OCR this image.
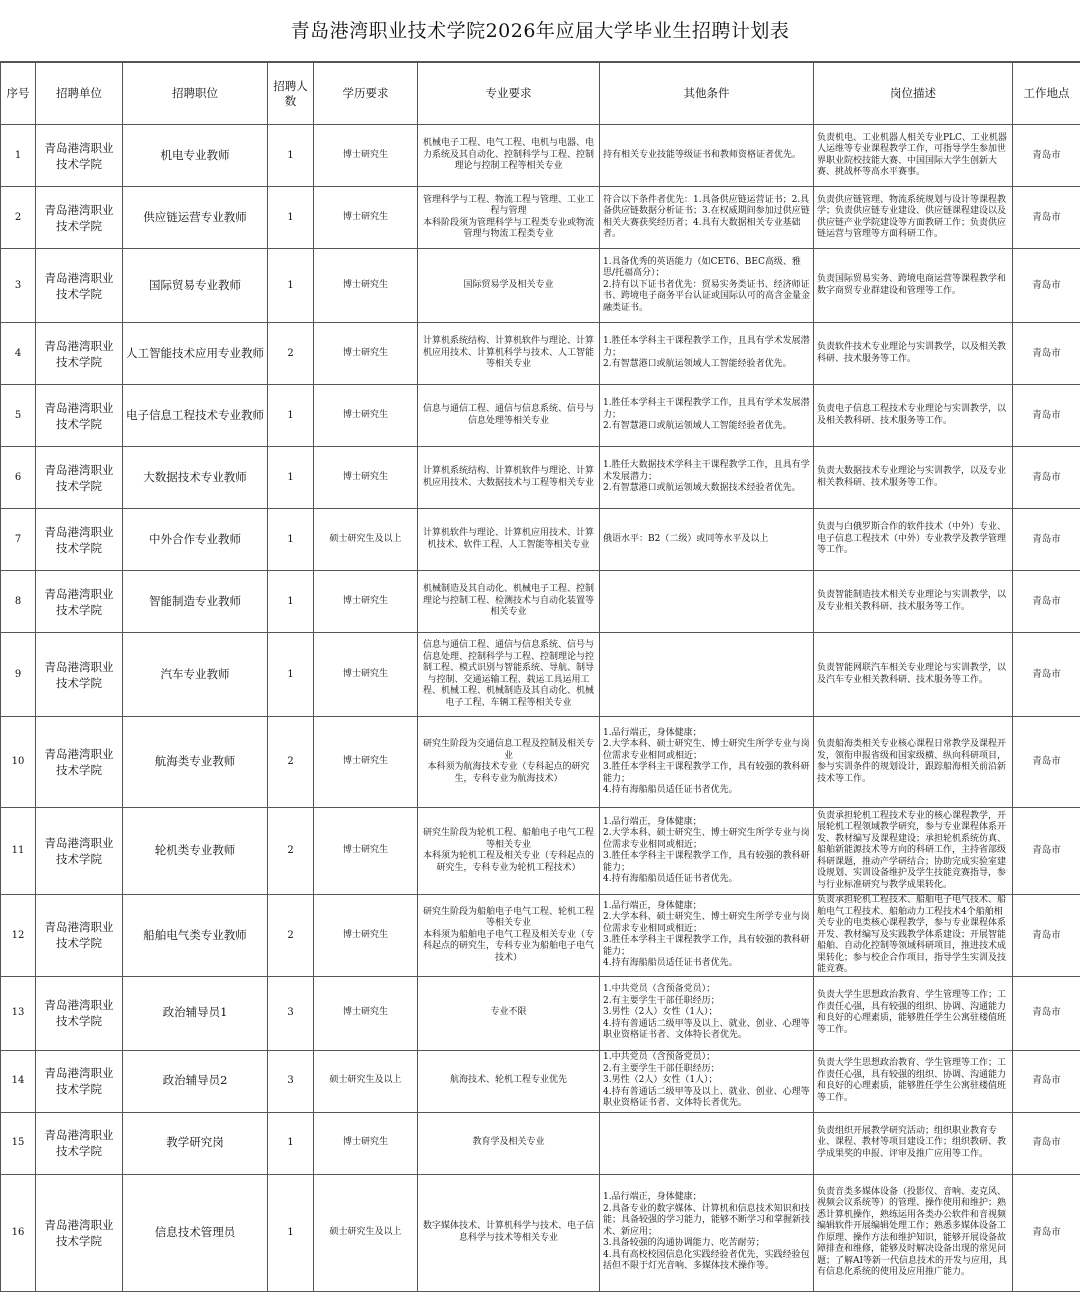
青岛港湾职业技术学院2026年应届大学毕业生招聘计划表
序号	招聘单位	招聘职位	招聘人数	学历要求	专业要求	其他条件	岗位描述	工作地点
1	青岛港湾职业技术学院	机电专业教师	1	博士研究生	机械电子工程、电气工程、电机与电器、电力系统及其自动化、控制科学与工程、控制理论与控制工程等相关专业	持有相关专业技能等级证书和教师资格证者优先。	负责机电、工业机器人相关专业PLC、工业机器人运维等专业课程教学工作，可指导学生参加世界职业院校技能大赛、中国国际大学生创新大赛、挑战杯等高水平赛事。	青岛市
2	青岛港湾职业技术学院	供应链运营专业教师	1	博士研究生	管理科学与工程、物流工程与管理、工业工程与管理
本科阶段须为管理科学与工程类专业或物流管理与物流工程类专业	符合以下条件者优先：1.具备供应链运营证书；2.具备供应链数据分析证书；3.在权威期间参加过供应链相关大赛获奖经历者；4.具有大数据相关专业基础者。	负责供应链管理、物流系统规划与设计等课程教学；负责供应链专业建设、供应链课程建设以及供应链产业学院建设等方面教研工作；负责供应链运营与管理等方面科研工作。	青岛市
3	青岛港湾职业技术学院	国际贸易专业教师	1	博士研究生	国际贸易学及相关专业	1.具备优秀的英语能力（如CET6、BEC高级、雅思/托福高分）；
2.持有以下证书者优先：贸易实务类证书、经济师证书、跨境电子商务平台认证或国际认可的高含金量金融类证书。	负责国际贸易实务、跨境电商运营等课程教学和数字商贸专业群建设和管理等工作。	青岛市
4	青岛港湾职业技术学院	人工智能技术应用专业教师	2	博士研究生	计算机系统结构、计算机软件与理论、计算机应用技术、计算机科学与技术、人工智能等相关专业	1.胜任本学科主干课程教学工作，且具有学术发展潜力；
2.有智慧港口或航运领域人工智能经验者优先。	负责软件技术专业理论与实训教学，以及相关教科研、技术服务等工作。	青岛市
5	青岛港湾职业技术学院	电子信息工程技术专业教师	1	博士研究生	信息与通信工程、通信与信息系统、信号与信息处理等相关专业	1.胜任本学科主干课程教学工作，且具有学术发展潜力；
2.有智慧港口或航运领域人工智能经验者优先。	负责电子信息工程技术专业理论与实训教学，以及相关教科研、技术服务等工作。	青岛市
6	青岛港湾职业技术学院	大数据技术专业教师	1	博士研究生	计算机系统结构、计算机软件与理论、计算机应用技术、大数据技术与工程等相关专业	1.胜任大数据技术学科主干课程教学工作，且具有学术发展潜力；
2.有智慧港口或航运领域大数据技术经验者优先。	负责大数据技术专业理论与实训教学，以及专业相关教科研、技术服务等工作。	青岛市
7	青岛港湾职业技术学院	中外合作专业教师	1	硕士研究生及以上	计算机软件与理论、计算机应用技术、计算机技术、软件工程、人工智能等相关专业	俄语水平：B2（二级）或同等水平及以上	负责与白俄罗斯合作的软件技术（中外）专业、电子信息工程技术（中外）专业教学及教学管理等工作。	青岛市
8	青岛港湾职业技术学院	智能制造专业教师	1	博士研究生	机械制造及其自动化、机械电子工程、控制理论与控制工程、检测技术与自动化装置等相关专业		负责智能制造技术相关专业理论与实训教学，以及专业相关教科研、技术服务等工作。	青岛市
9	青岛港湾职业技术学院	汽车专业教师	1	博士研究生	信息与通信工程、通信与信息系统、信号与信息处理、控制科学与工程、控制理论与控制工程、模式识别与智能系统、导航、制导与控制、交通运输工程、载运工具运用工程、机械工程、机械制造及其自动化、机械电子工程、车辆工程等相关专业		负责智能网联汽车相关专业理论与实训教学，以及汽车专业相关教科研、技术服务等工作。	青岛市
10	青岛港湾职业技术学院	航海类专业教师	2	博士研究生	研究生阶段为交通信息工程及控制及相关专业
本科须为航海技术专业（专科起点的研究生，专科专业为航海技术）	1.品行端正，身体健康；
2.大学本科、硕士研究生、博士研究生所学专业与岗位需求专业相同或相近；
3.胜任本学科主干课程教学工作，具有较强的教科研能力；
4.持有海船船员适任证书者优先。	负责船海类相关专业核心课程日常教学及课程开发，领衔申报省级和国家级横、纵向科研项目，参与实训条件的规划设计，跟踪船海相关前沿新技术等工作。	青岛市
11	青岛港湾职业技术学院	轮机类专业教师	2	博士研究生	研究生阶段为轮机工程、船舶电子电气工程等相关专业
本科须为轮机工程及相关专业（专科起点的研究生，专科专业为轮机工程技术）	1.品行端正，身体健康；
2.大学本科、硕士研究生、博士研究生所学专业与岗位需求专业相同或相近；
3.胜任本学科主干课程教学工作，具有较强的教科研能力；
4.持有海船船员适任证书者优先。	负责承担轮机工程技术专业的核心课程教学，开展轮机工程领域教学研究，参与专业课程体系开发、教材编写及课程建设；承担轮机系统仿真、船舶新能源技术等方向的科研工作，主持省部级科研课题，推动产学研结合；协助完成实验室建设规划、实训设备维护及学生技能竞赛指导，参与行业标准研究与教学成果转化。	青岛市
12	青岛港湾职业技术学院	船舶电气类专业教师	2	博士研究生	研究生阶段为船舶电子电气工程、轮机工程等相关专业
本科须为船舶电子电气工程及相关专业（专科起点的研究生，专科专业为船舶电子电气技术）	1.品行端正，身体健康；
2.大学本科、硕士研究生、博士研究生所学专业与岗位需求专业相同或相近；
3.胜任本学科主干课程教学工作，具有较强的教科研能力；
4.持有海船船员适任证书者优先。	负责承担轮机工程技术、船舶电子电气技术、船舶电气工程技术、船舶动力工程技术4个船舶相关专业的电类核心课程教学，参与专业课程体系开发、教材编写及实践教学体系建设；开展智能船舶、自动化控制等领域科研项目，推进技术成果转化；参与校企合作项目，指导学生实训及技能竞赛。	青岛市
13	青岛港湾职业技术学院	政治辅导员1	3	博士研究生	专业不限	1.中共党员（含预备党员）；
2.有主要学生干部任职经历；
3.男性（2人）女性（1人）；
4.持有普通话二级甲等及以上、就业、创业、心理等职业资格证书者、文体特长者优先。	负责大学生思想政治教育、学生管理等工作；工作责任心强，具有较强的组织、协调、沟通能力和良好的心理素质，能够胜任学生公寓驻楼值班等工作。	青岛市
14	青岛港湾职业技术学院	政治辅导员2	3	硕士研究生及以上	航海技术、轮机工程专业优先	1.中共党员（含预备党员）；
2.有主要学生干部任职经历；
3.男性（2人）女性（1人）；
4.持有普通话二级甲等及以上、就业、创业、心理等职业资格证书者、文体特长者优先。	负责大学生思想政治教育、学生管理等工作；工作责任心强，具有较强的组织、协调、沟通能力和良好的心理素质，能够胜任学生公寓驻楼值班等工作。	青岛市
15	青岛港湾职业技术学院	教学研究岗	1	博士研究生	教育学及相关专业		负责组织开展教学研究活动；组织职业教育专业、课程、教材等项目建设工作；组织教研、教学成果奖的申报、评审及推广应用等工作。	青岛市
16	青岛港湾职业技术学院	信息技术管理员	1	硕士研究生及以上	数字媒体技术、计算机科学与技术、电子信息科学与技术等相关专业	1.品行端正，身体健康；
2.具备专业的数字媒体、计算机和信息技术知识和技能；具备较强的学习能力，能够不断学习和掌握新技术、新应用；
3.具备较强的沟通协调能力、吃苦耐劳；
4.具有高校校园信息化实践经验者优先，实践经验包括但不限于灯光音响、多媒体技术操作等。	负责音类多媒体设备（投影仪、音响、麦克风、视频会议系统等）的管理、操作使用和维护；熟悉计算机操作，熟练运用各类办公软件和音视频编辑软件开展编辑处理工作；熟悉多媒体设备工作原理、操作方法和维护知识，能够开展设备故障排查和维修，能够及时解决设备出现的常见问题；了解AI等新一代信息技术的开发与应用，具有信息化系统的使用及应用推广能力。	青岛市
